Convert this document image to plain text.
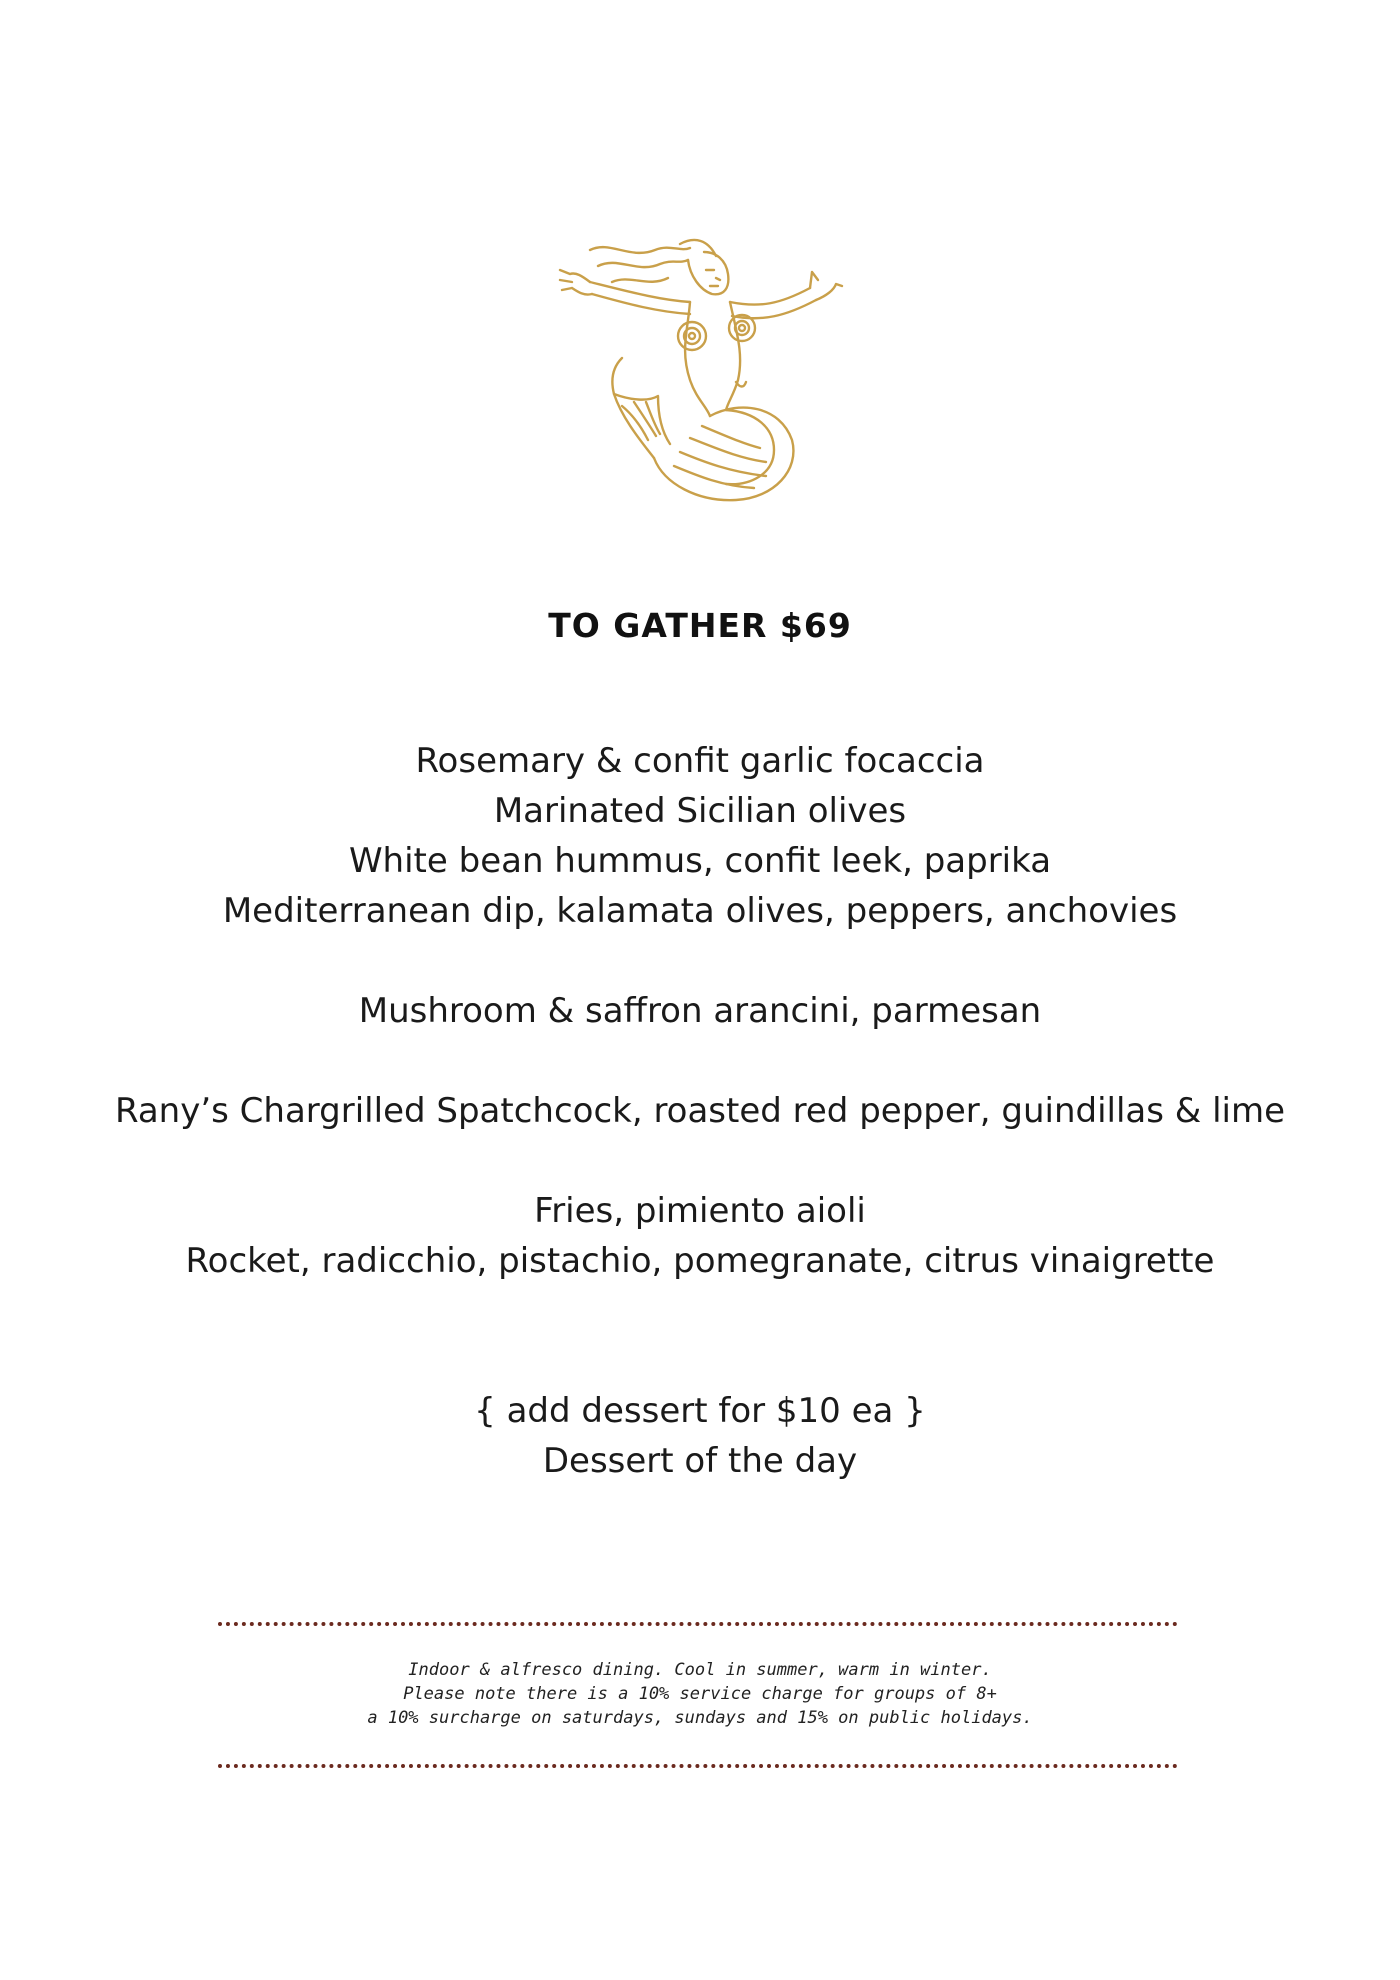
TO GATHER $69
Rosemary & confit garlic focaccia
Marinated Sicilian olives
White bean hummus, confit leek, paprika
Mediterranean dip, kalamata olives, peppers, anchovies
Mushroom & saffron arancini, parmesan
Rany’s Chargrilled Spatchcock, roasted red pepper, guindillas & lime
Fries, pimiento aioli
Rocket, radicchio, pistachio, pomegranate, citrus vinaigrette
{ add dessert for $10 ea }
Dessert of the day
Indoor & alfresco dining. Cool in summer, warm in winter.
Please note there is a 10% service charge for groups of 8+
a 10% surcharge on saturdays, sundays and 15% on public holidays.
